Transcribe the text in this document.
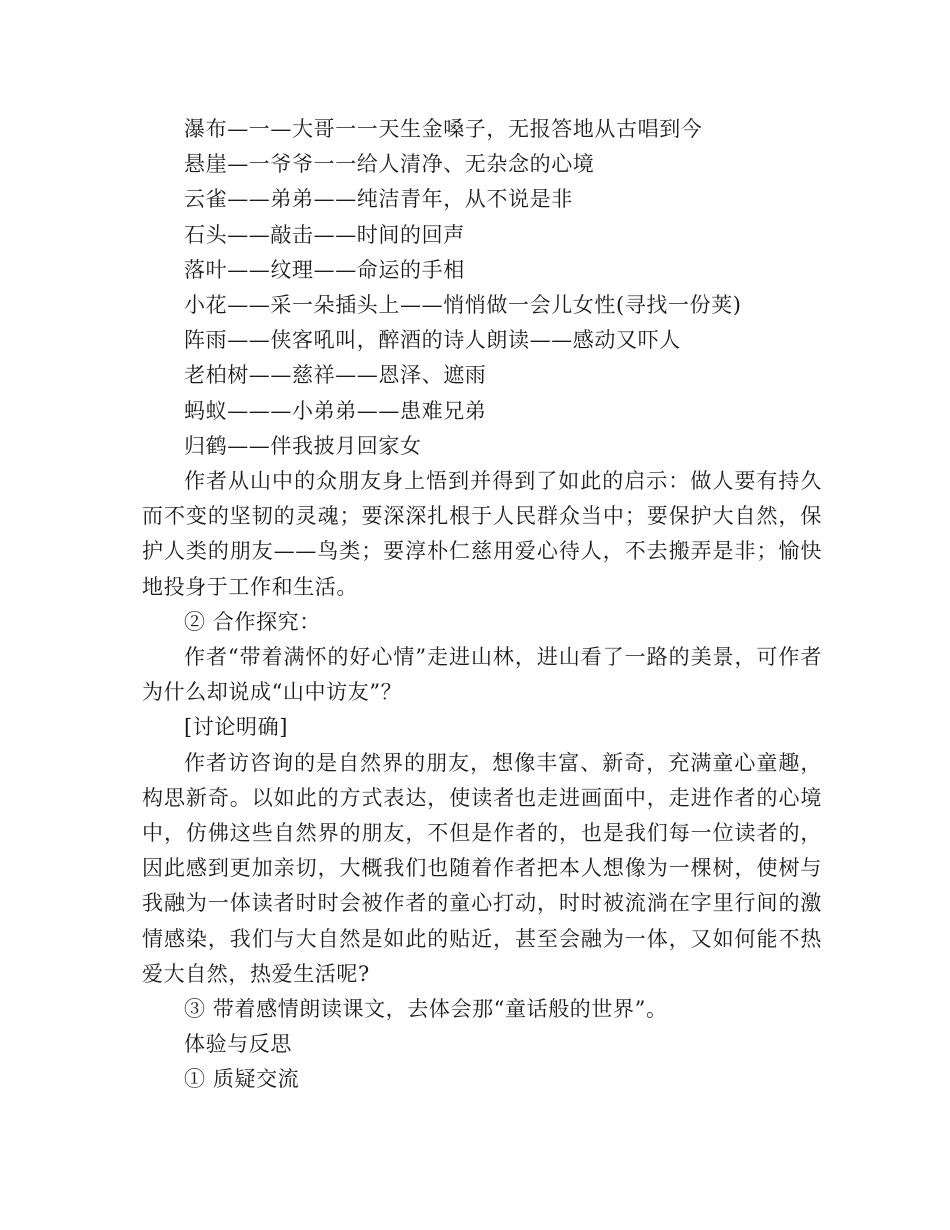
瀑布—一—大哥一一天生金嗓子，无报答地从古唱到今
悬崖—一爷爷一一给人清净、无杂念的心境
云雀——弟弟——纯洁青年，从不说是非
石头——敲击——时间的回声
落叶——纹理——命运的手相
小花——采一朵插头上——悄悄做一会儿女性(寻找一份荚)
阵雨——侠客吼叫，醉酒的诗人朗读——感动又吓人
老柏树——慈祥——恩泽、遮雨
蚂蚁———小弟弟——患难兄弟
归鹤——伴我披月回家女
作者从山中的众朋友身上悟到并得到了如此的启示：做人要有持久而不变的坚韧的灵魂；要深深扎根于人民群众当中；要保护大自然，保护人类的朋友——鸟类；要淳朴仁慈用爱心待人，不去搬弄是非；愉快地投身于工作和生活。
② 合作探究：
作者“带着满怀的好心情”走进山林，进山看了一路的美景，可作者为什么却说成“山中访友”？
[讨论明确]
作者访咨询的是自然界的朋友，想像丰富、新奇，充满童心童趣，构思新奇。以如此的方式表达，使读者也走进画面中，走进作者的心境中，仿佛这些自然界的朋友，不但是作者的，也是我们每一位读者的，因此感到更加亲切，大概我们也随着作者把本人想像为一棵树，使树与我融为一体读者时时会被作者的童心打动，时时被流淌在字里行间的激情感染，我们与大自然是如此的贴近，甚至会融为一体，又如何能不热爱大自然，热爱生活呢?
③ 带着感情朗读课文，去体会那“童话般的世界”。
体验与反思
① 质疑交流
